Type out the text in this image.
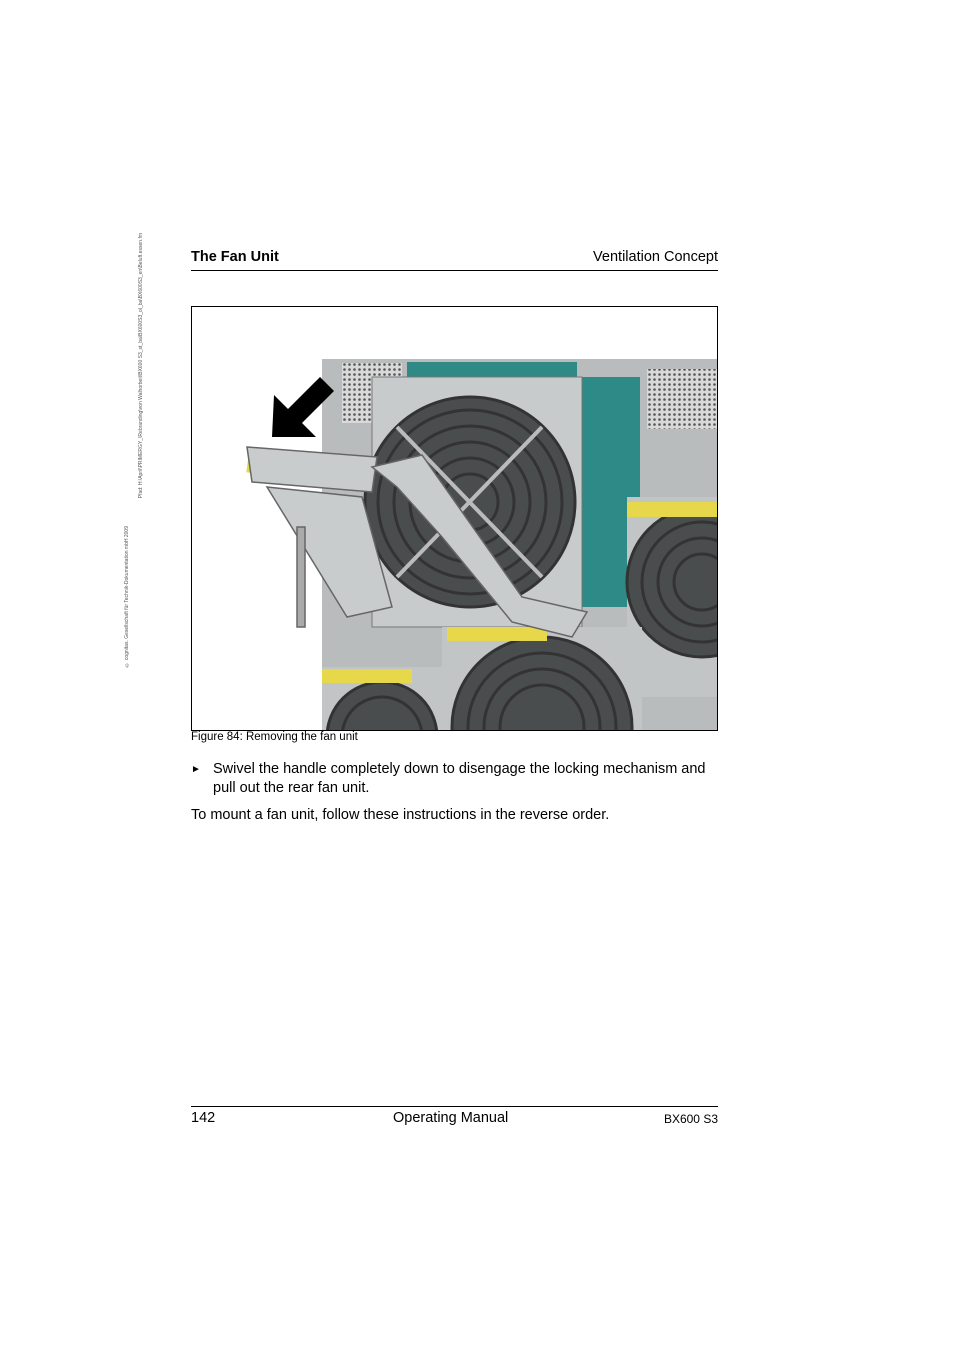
© cognitas. Gesellschaft für Technik-Dokumentation mbH 2009
Pfad: H:\April\PRIMERGY_\Rebranding\von Walhorbeit\BX600 S3_st_ba\BX600S3_ol_ba\BX600S3_en\Beluft.essen.fm	The Fan Unit	Ventilation Concept
Figure 84: Removing the fan unit
► Swivel the handle completely down to disengage the locking mechanism and pull out the rear fan unit.
To mount a fan unit, follow these instructions in the reverse order.
142	Operating Manual	BX600 S3
